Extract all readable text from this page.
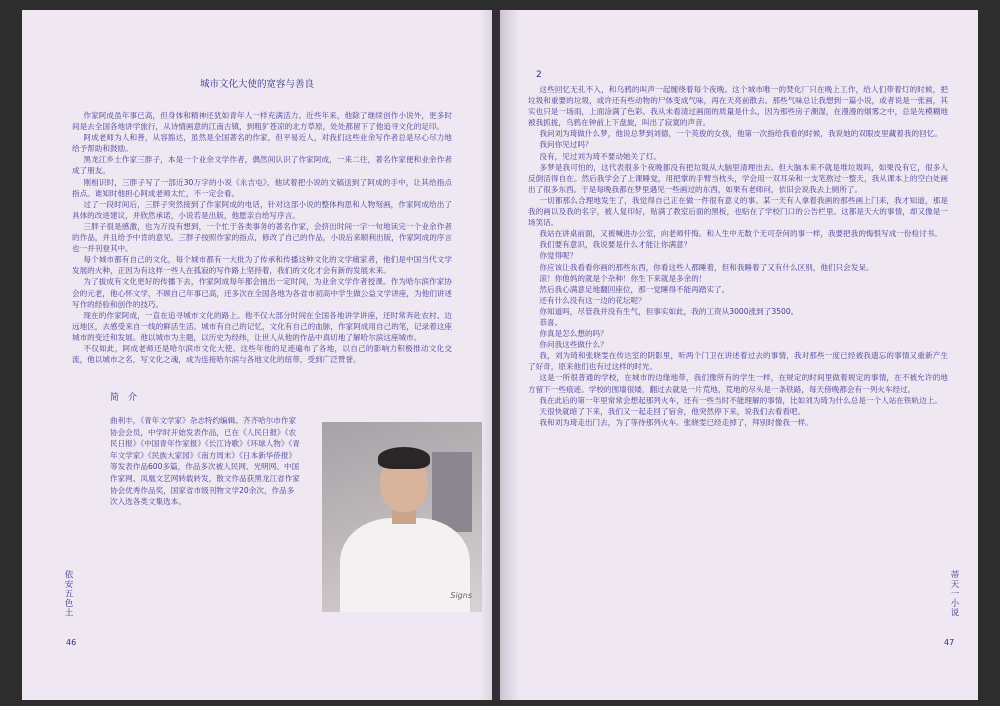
城市文化大使的宽容与善良

作家阿成虽年事已高，但身体和精神还犹如青年人一样充满活力。近些年来，他除了继续创作小说外，更多时间是去全国各地讲学旅行，从诗情画意的江南古镇，到粗犷苍凉的北方草原，处处都留下了他追寻文化的足印。

阿成老师为人和善，从容豁达，虽然是全国著名的作家，但平易近人，对我们这些业余写作者总是尽心尽力地给予帮助和鼓励。

黑龙江乡土作家三胖子，本是一个业余文学作者，偶然间认识了作家阿成，一来二往，著名作家便和业余作者成了朋友。

刚相识时，三胖子写了一部近30万字的小说《永吉屯》，他试着把小说的文稿送到了阿成的手中，让其给指点指点。谁知时他担心阿成老师太忙，不一定会看。

过了一段时间后，三胖子突然接到了作家阿成的电话，针对这部小说的整体构思和人物刻画，作家阿成给出了具体的改进建议，并欣然承诺，小说若是出版，他愿亲自给写序言。

三胖子很是感激，也为万没有想到，一个忙于各类事务的著名作家，会挤出时间一字一句地读完一个业余作者的作品，并且给予中肯的意见。三胖子按照作家的指点，修改了自己的作品，小说后来顺利出版，作家阿成的序言也一并刊登其中。

每个城市都有自己的文化，每个城市都有一大批为了传承和传播这种文化的文学痛家者，他们是中国当代文学发展的火种，正因为有这样一些人在孤寂的写作路上坚持着，我们的文化才会有新的发展未来。

为了拔成有文化更好的传播下去，作家阿成每年都会抽出一定时间，为业余文学作者授课。作为哈尔滨作家协会的元老，他心怀文学，不顾自己年事已高，还多次在全国各地为各省市初高中学生做公益文学讲座，为他们讲述写作的经验和创作的技巧。

现在的作家阿成，一直在追寻城市文化的路上。他不仅大部分时间在全国各地讲学讲座，还时常奔赴农村、边远地区，去感受来自一线的鲜活生活。城市有自己的记忆，文化有自己的血脉，作家阿成用自己的笔，记录着这座城市的变迁和发展。他以城市为主题，以历史为经纬，让世人从他的作品中真切地了解哈尔滨这座城市。

不仅如此，阿成老师还是哈尔滨市文化大使。这些年他的足迹遍布了各地，以自己的影响力积极推动文化交流，他以城市之名，写文化之魂，成为连接哈尔滨与各地文化的纽带，受到广泛赞誉。

简　介
曲利丰，《青年文学家》杂志特约编辑。齐齐哈尔市作家协会会员，中学时开始发表作品，已在《人民日报》《农民日报》《中国青年作家报》《长江诗歌》《环球人物》《青年文学家》《民族大家园》《南方周末》《日本新华侨报》等发表作品600多篇，作品多次被人民网、光明网、中国作家网、凤凰文艺网转载转发，散文作品获黑龙江省作家协会优秀作品奖，国家省市级刊物文学20余次，作品多次入选各类文集选本。
Signs
依安五色土
46
2

这些回忆无孔不入，和乌鸦的叫声一起缠绕着每个夜晚。这个城市唯一的焚化厂只在晚上工作，给人们带着灯的时候，把垃圾和重要的垃圾，或许还有些动物的尸体变成气味，再在天亮前散去。那些气味总让我想到一篇小说，或者说是一张画，其实也只是一场雨，上面涂满了色彩。我从未看清过画面的质量是什么，因为那些房子潮湿，在漫漫的烟雾之中，总是先模糊地被我抓拢，乌鸦在钟前上下盘旋，叫出了寂寞的声音。

我问刘为琦做什么梦，他说总梦到刘德，一个英俊的女孩，他第一次指给我看的时候，我说她的双眼皮里藏着我的回忆。

我问你见过吗？

没有，见过刘为琦不要动她关了灯。

多梦是我可怕的，这代表很多个夜晚都没有把垃圾从大脑里清理出去。但大脑本来不就是堆垃圾吗，如果没有它，很多人反倒活得自在。然后我学会了上课睡觉，用把掌的手臂当枕头，学会用一双耳朵和一支笔熬过一整天，我从课本上的空白处画出了很多东西。于是每晚我都在梦里遇见一些画过的东西，如果有老师问，依旧会说我去上厕所了。

一切都那么合理地发生了，我觉得自己正在做一件很有意义的事。某一天有人拿着我画的那些画上门来，我才知道，那是我的画以及我的名字，被人复印好，贴满了教室后面的黑板，也贴在了学校门口的公告栏里。这都是天大的事情，却又像是一场笑话。

我站在讲桌前面，又被喊进办公室，向老师忏悔。和人生中无数个无可奈何的事一样，我要把我的悔恨写成一份检讨书。

我们要有意识，我说要是什么才能让你满意？

你觉得呢？

你应该让我看看你画的那些东西，你看这些人都睡着，但和我睡着了又有什么区别，他们只会发呆。

滚！你他妈的就是个杂种！你生下来就是多余的！

然后我心满意足地翻回座位，那一觉睡得不能再踏实了。

还有什么没有这一边的花坛呢？

你知道吗，尽管我并没有生气，但事实如此，我的工资从3000涨到了3500。

恭喜。

你真是怎么想的吗？

你问我这些做什么？

我，刘为琦和张晓雯在传达室的阴影里，听两个门卫在讲述着过去的事情，我对那些一度已经被我遗忘的事情又重新产生了好奇，原来他们也有过这样的时光。

这是一所很普通的学校，在城市的边缘地带，我们像所有的学生一样，在规定的时间里做着规定的事情，在不被允许的地方留下一些痕迹。学校的围墙很矮，翻过去就是一片荒地，荒地的尽头是一条铁路，每天傍晚都会有一列火车经过。

我在此后的第一年里常常会想起那列火车，还有一些当时不能理解的事情，比如刘为琦为什么总是一个人站在铁轨边上。

天很快就暗了下来，我们又一起走回了宿舍，他突然停下来，说我们去看看吧。

我和刘为琦走出门去，为了等待那列火车。张晓雯已经走掉了，拜别时像我一样。

蒂天一小说
47
